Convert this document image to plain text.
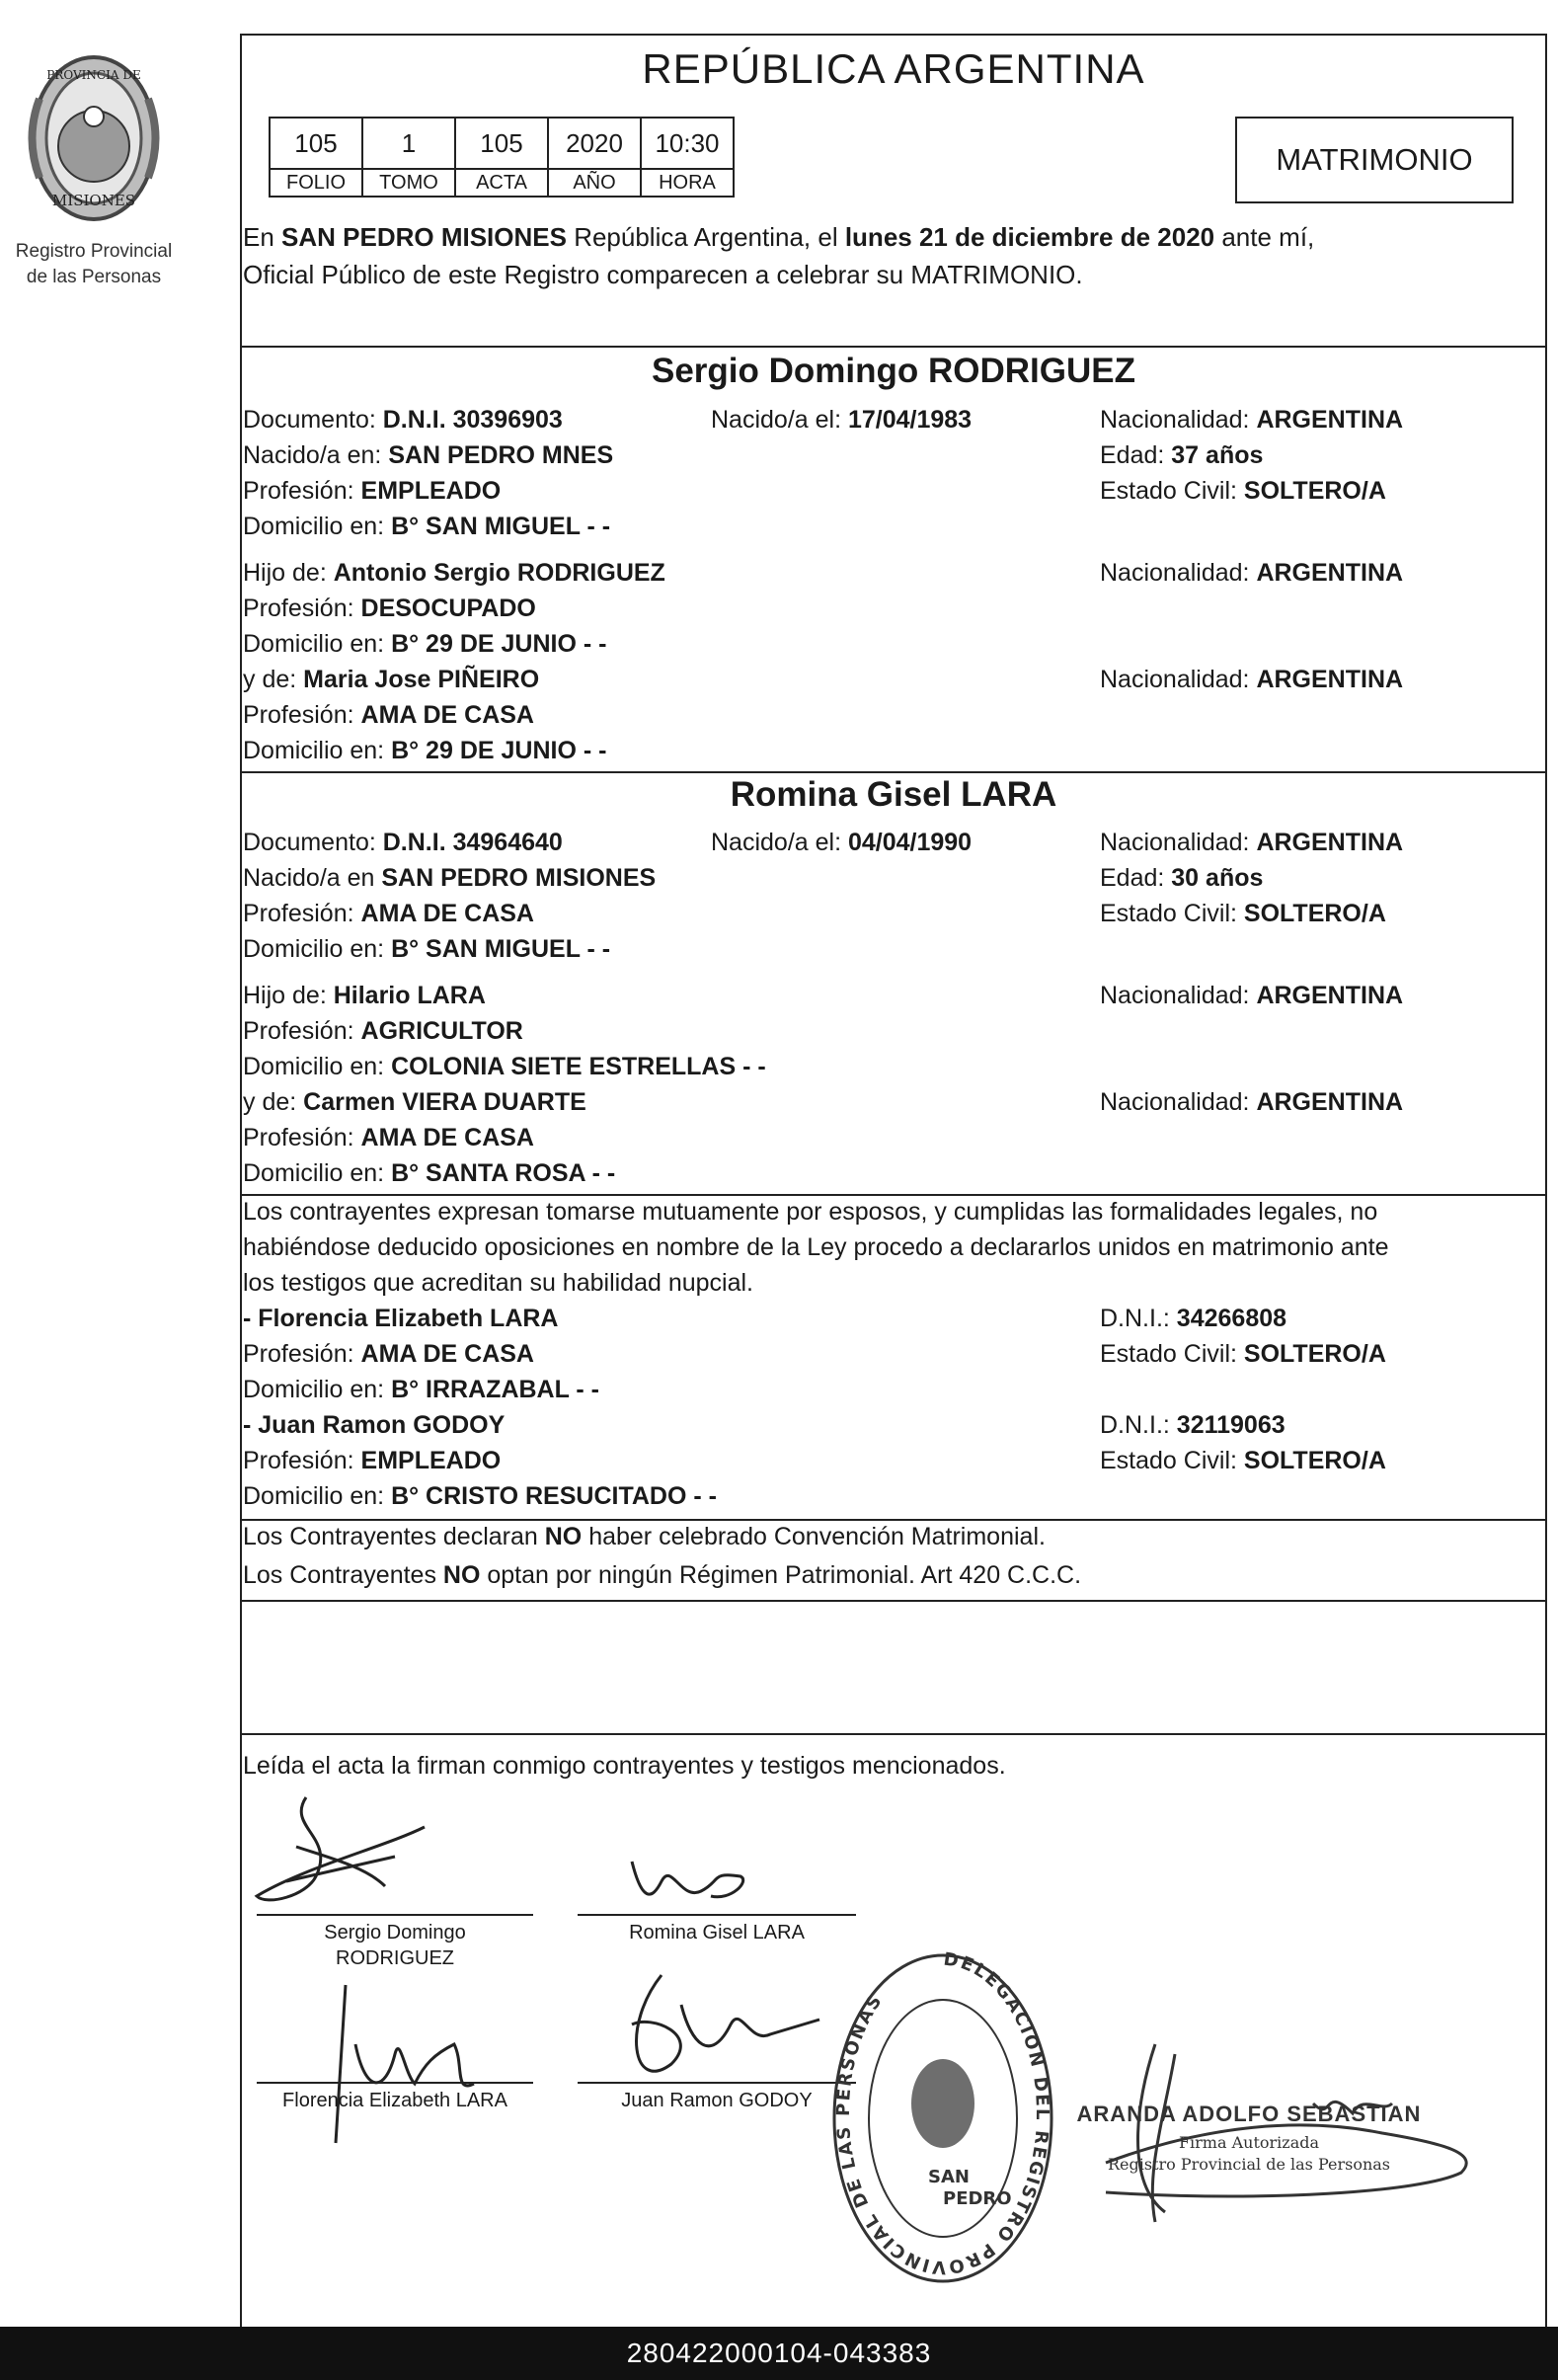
PROVINCIA DE
MISIONES
Registro Provincial
de las Personas
REPÚBLICA ARGENTINA
105	1	105	2020	10:30
FOLIO	TOMO	ACTA	AÑO	HORA
MATRIMONIO
En SAN PEDRO MISIONES República Argentina, el lunes 21 de diciembre de 2020 ante mí,
Oficial Público de este Registro comparecen a celebrar su MATRIMONIO.
Sergio Domingo RODRIGUEZ
Documento: D.N.I. 30396903	Nacido/a el: 17/04/1983	Nacionalidad: ARGENTINA
Nacido/a en: SAN PEDRO MNES	Edad: 37 años
Profesión: EMPLEADO	Estado Civil: SOLTERO/A
Domicilio en: B° SAN MIGUEL - -
Hijo de: Antonio Sergio RODRIGUEZ	Nacionalidad: ARGENTINA
Profesión: DESOCUPADO
Domicilio en: B° 29 DE JUNIO - -
y de: Maria Jose PIÑEIRO	Nacionalidad: ARGENTINA
Profesión: AMA DE CASA
Domicilio en: B° 29 DE JUNIO - -
Romina Gisel LARA
Documento: D.N.I. 34964640	Nacido/a el: 04/04/1990	Nacionalidad: ARGENTINA
Nacido/a en SAN PEDRO MISIONES	Edad: 30 años
Profesión: AMA DE CASA	Estado Civil: SOLTERO/A
Domicilio en: B° SAN MIGUEL - -
Hijo de: Hilario LARA	Nacionalidad: ARGENTINA
Profesión: AGRICULTOR
Domicilio en: COLONIA SIETE ESTRELLAS - -
y de: Carmen VIERA DUARTE	Nacionalidad: ARGENTINA
Profesión: AMA DE CASA
Domicilio en: B° SANTA ROSA - -
Los contrayentes expresan tomarse mutuamente por esposos, y cumplidas las formalidades legales, no
habiéndose deducido oposiciones en nombre de la Ley procedo a declararlos unidos en matrimonio ante
los testigos que acreditan su habilidad nupcial.
- Florencia Elizabeth LARA	D.N.I.: 34266808
Profesión: AMA DE CASA	Estado Civil: SOLTERO/A
Domicilio en: B° IRRAZABAL - -
- Juan Ramon GODOY	D.N.I.: 32119063
Profesión: EMPLEADO	Estado Civil: SOLTERO/A
Domicilio en: B° CRISTO RESUCITADO - -
Los Contrayentes declaran NO haber celebrado Convención Matrimonial.
Los Contrayentes NO optan por ningún Régimen Patrimonial. Art 420 C.C.C.
Leída el acta la firman conmigo contrayentes y testigos mencionados.
Sergio Domingo
RODRIGUEZ
Romina Gisel LARA
Florencia Elizabeth LARA	Juan Ramon GODOY
DELEGACION DEL REGISTRO PROVINCIAL DE LAS PERSONAS
SAN
PEDRO
ARANDA ADOLFO SEBASTIAN
Firma Autorizada
Registro Provincial de las Personas
280422000104-043383
